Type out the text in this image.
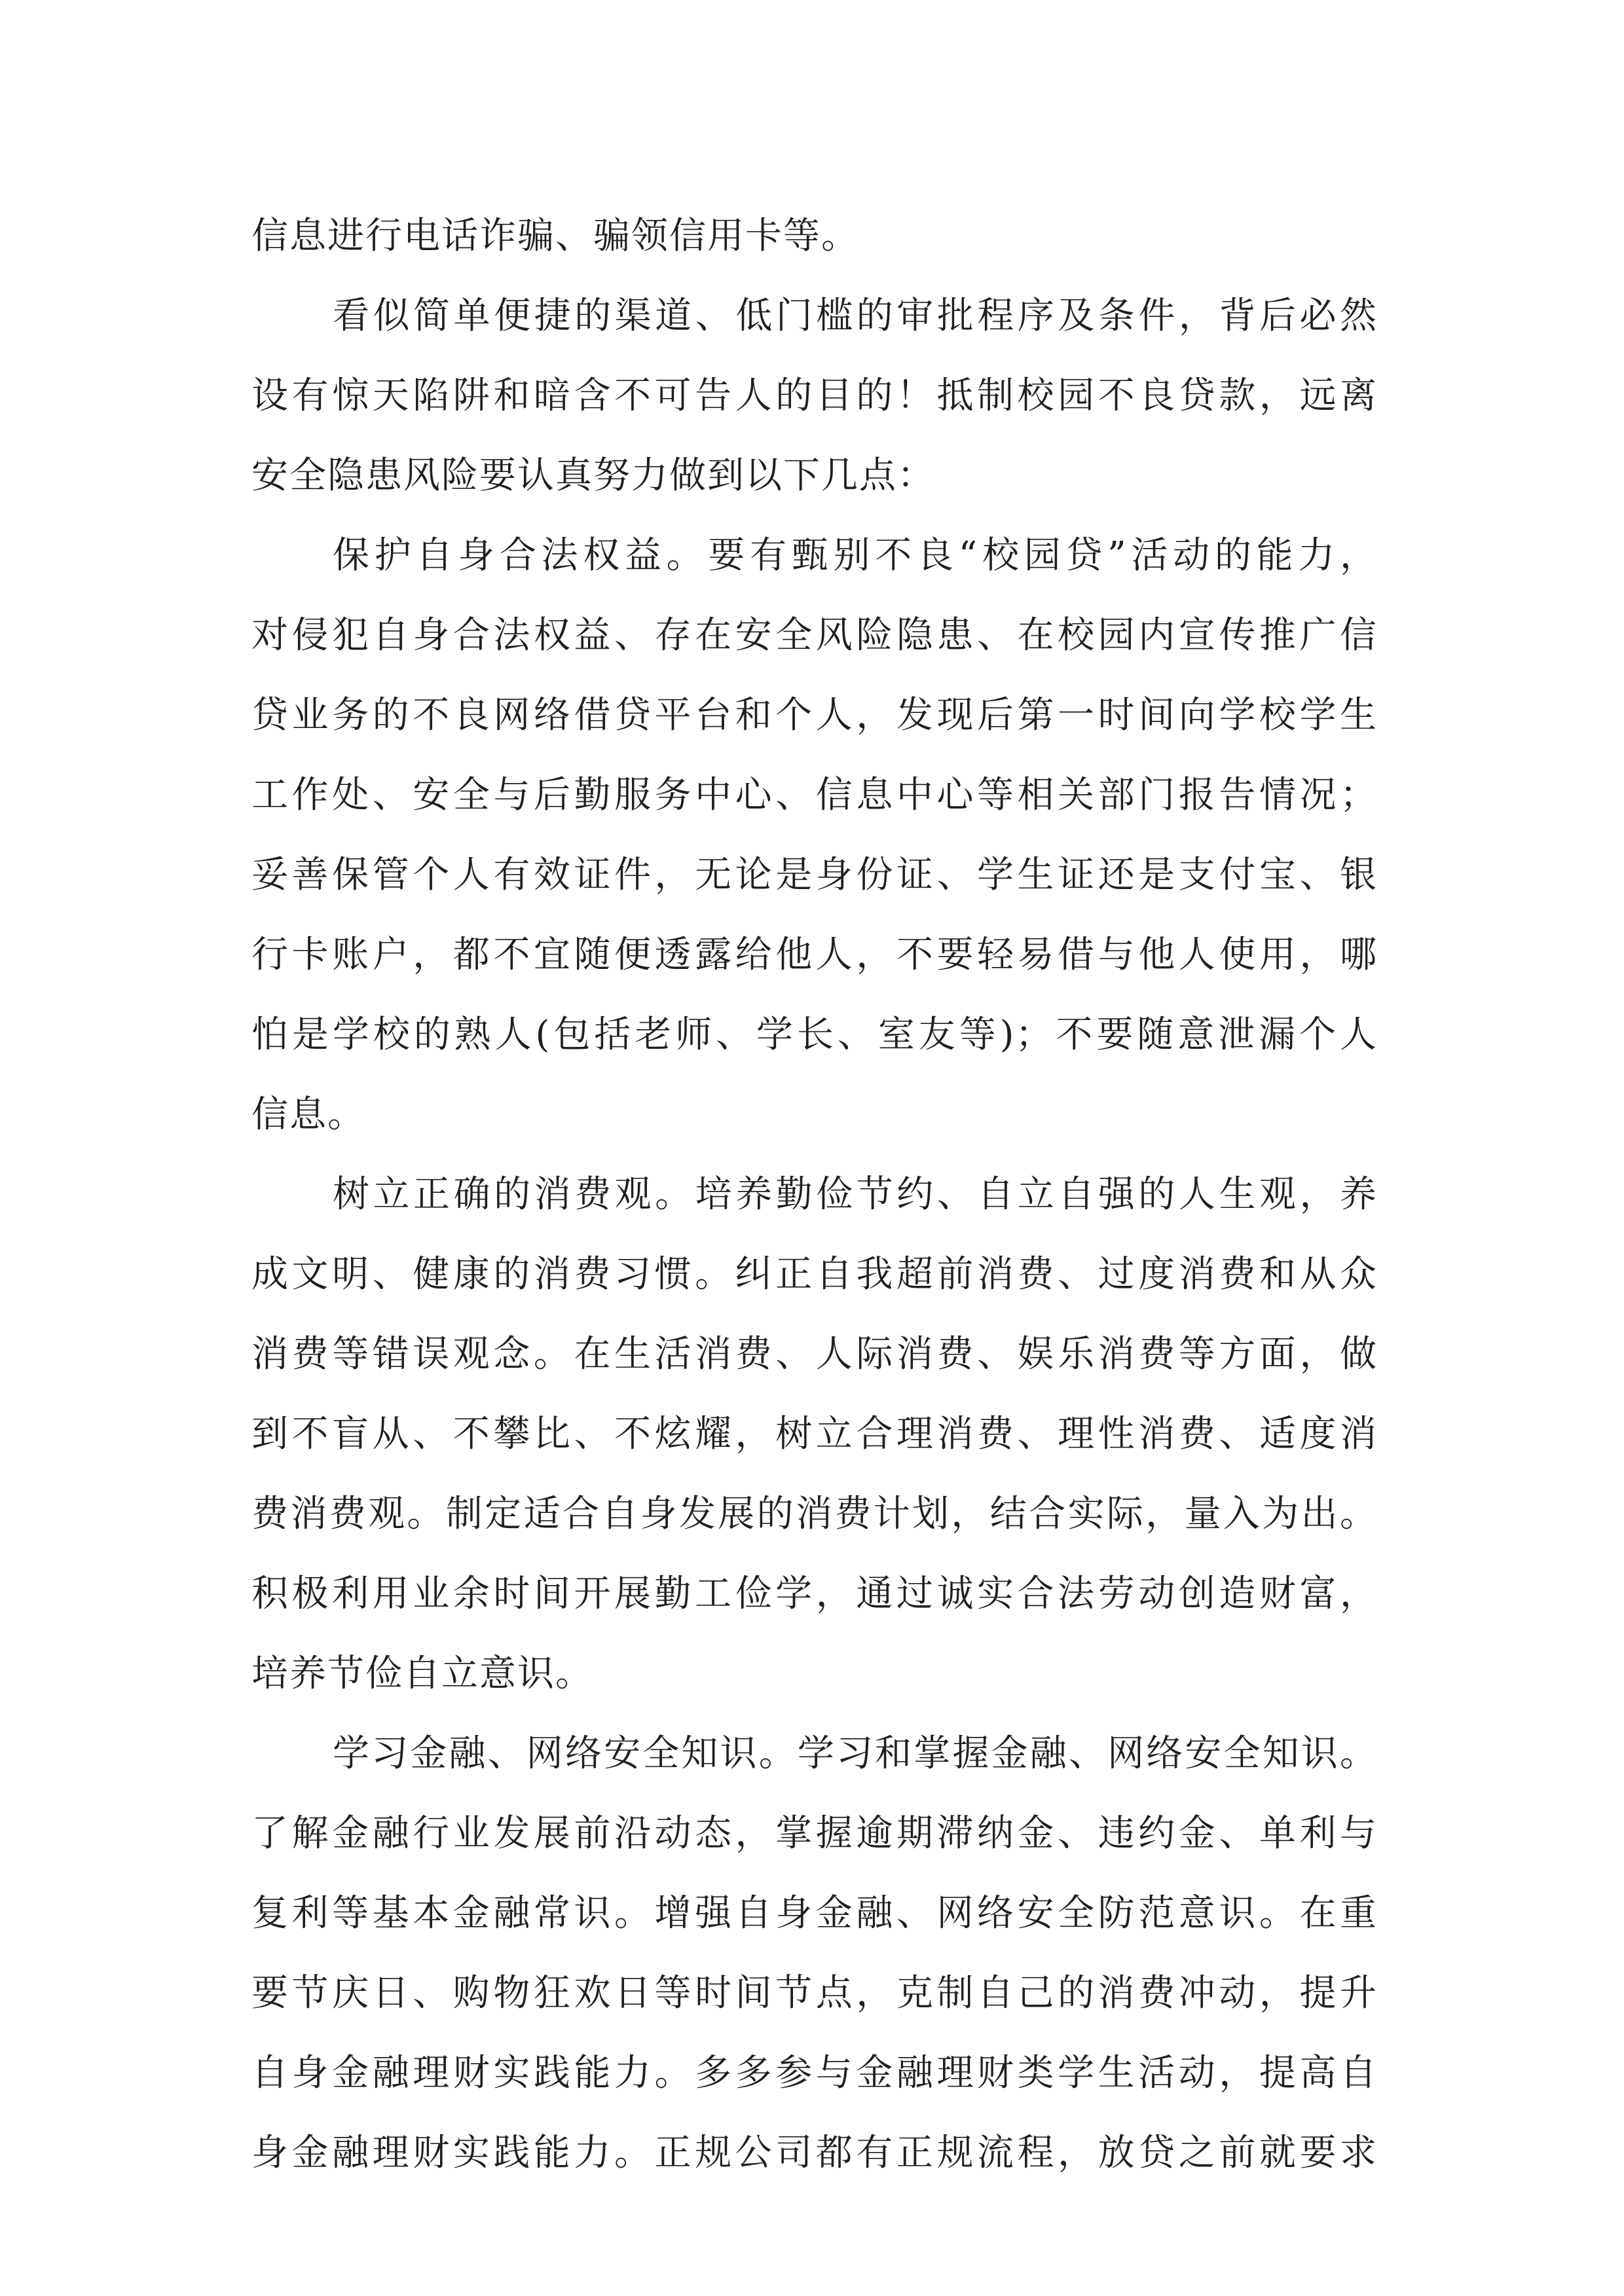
信息进行电话诈骗、骗领信用卡等。
看似简单便捷的渠道、低门槛的审批程序及条件，背后必然
设有惊天陷阱和暗含不可告人的目的！抵制校园不良贷款，远离
安全隐患风险要认真努力做到以下几点：
保护自身合法权益。要有甄别不良“校园贷”活动的能力，
对侵犯自身合法权益、存在安全风险隐患、在校园内宣传推广信
贷业务的不良网络借贷平台和个人，发现后第一时间向学校学生
工作处、安全与后勤服务中心、信息中心等相关部门报告情况；
妥善保管个人有效证件，无论是身份证、学生证还是支付宝、银
行卡账户，都不宜随便透露给他人，不要轻易借与他人使用，哪
怕是学校的熟人(包括老师、学长、室友等)；不要随意泄漏个人
信息。
树立正确的消费观。培养勤俭节约、自立自强的人生观，养
成文明、健康的消费习惯。纠正自我超前消费、过度消费和从众
消费等错误观念。在生活消费、人际消费、娱乐消费等方面，做
到不盲从、不攀比、不炫耀，树立合理消费、理性消费、适度消
费消费观。制定适合自身发展的消费计划，结合实际，量入为出。
积极利用业余时间开展勤工俭学，通过诚实合法劳动创造财富，
培养节俭自立意识。
学习金融、网络安全知识。学习和掌握金融、网络安全知识。
了解金融行业发展前沿动态，掌握逾期滞纳金、违约金、单利与
复利等基本金融常识。增强自身金融、网络安全防范意识。在重
要节庆日、购物狂欢日等时间节点，克制自己的消费冲动，提升
自身金融理财实践能力。多多参与金融理财类学生活动，提高自
身金融理财实践能力。正规公司都有正规流程，放贷之前就要求
